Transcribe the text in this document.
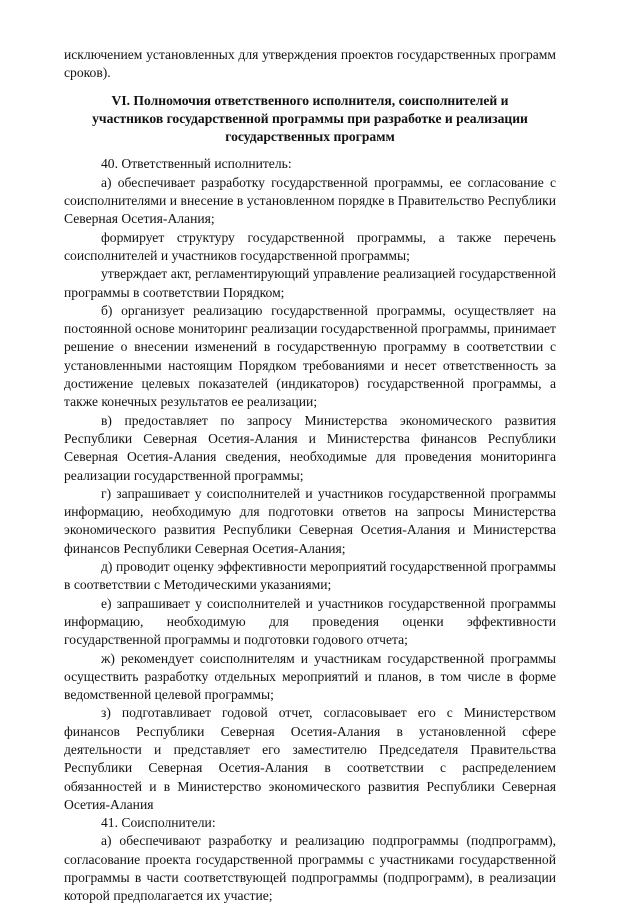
исключением установленных для утверждения проектов государственных программ сроков).

VI. Полномочия ответственного исполнителя, соисполнителей и
участников государственной программы при разработке и реализации
государственных программ

40. Ответственный исполнитель:

а) обеспечивает разработку государственной программы, ее согласование с соисполнителями и внесение в установленном порядке в Правительство Республики Северная Осетия-Алания;

формирует структуру государственной программы, а также перечень соисполнителей и участников государственной программы;

утверждает акт, регламентирующий управление реализацией государственной программы в соответствии Порядком;

б) организует реализацию государственной программы, осуществляет на постоянной основе мониторинг реализации государственной программы, принимает решение о внесении изменений в государственную программу в соответствии с установленными настоящим Порядком требованиями и несет ответственность за достижение целевых показателей (индикаторов) государственной программы, а также конечных результатов ее реализации;

в) предоставляет по запросу Министерства экономического развития Республики Северная Осетия-Алания и Министерства финансов Республики Северная Осетия-Алания сведения, необходимые для проведения мониторинга реализации государственной программы;

г) запрашивает у соисполнителей и участников государственной программы информацию, необходимую для подготовки ответов на запросы Министерства экономического развития Республики Северная Осетия-Алания и Министерства финансов Республики Северная Осетия-Алания;

д) проводит оценку эффективности мероприятий государственной программы в соответствии с Методическими указаниями;

е) запрашивает у соисполнителей и участников государственной программы информацию, необходимую для проведения оценки эффективности государственной программы и подготовки годового отчета;

ж) рекомендует соисполнителям и участникам государственной программы осуществить разработку отдельных мероприятий и планов, в том числе в форме ведомственной целевой программы;

з) подготавливает годовой отчет, согласовывает его с Министерством финансов Республики Северная Осетия-Алания в установленной сфере деятельности и представляет его заместителю Председателя Правительства Республики Северная Осетия-Алания в соответствии с распределением обязанностей и в Министерство экономического развития Республики Северная Осетия-Алания

41. Соисполнители:

а) обеспечивают разработку и реализацию подпрограммы (подпрограмм), согласование проекта государственной программы с участниками государственной программы в части соответствующей подпрограммы (подпрограмм), в реализации которой предполагается их участие;
